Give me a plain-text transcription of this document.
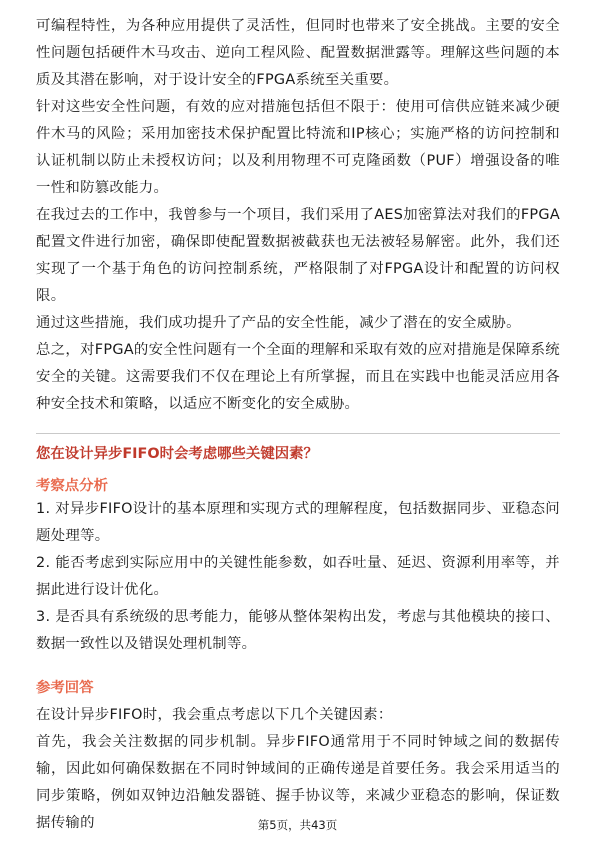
可编程特性，为各种应用提供了灵活性，但同时也带来了安全挑战。主要的安全性问题包括硬件木马攻击、逆向工程风险、配置数据泄露等。理解这些问题的本质及其潜在影响，对于设计安全的FPGA系统至关重要。

针对这些安全性问题，有效的应对措施包括但不限于：使用可信供应链来减少硬件木马的风险；采用加密技术保护配置比特流和IP核心；实施严格的访问控制和认证机制以防止未授权访问；以及利用物理不可克隆函数（PUF）增强设备的唯一性和防篡改能力。

在我过去的工作中，我曾参与一个项目，我们采用了AES加密算法对我们的FPGA配置文件进行加密，确保即使配置数据被截获也无法被轻易解密。此外，我们还实现了一个基于角色的访问控制系统，严格限制了对FPGA设计和配置的访问权限。

通过这些措施，我们成功提升了产品的安全性能，减少了潜在的安全威胁。

总之，对FPGA的安全性问题有一个全面的理解和采取有效的应对措施是保障系统安全的关键。这需要我们不仅在理论上有所掌握，而且在实践中也能灵活应用各种安全技术和策略，以适应不断变化的安全威胁。

您在设计异步FIFO时会考虑哪些关键因素？

考察点分析

1. 对异步FIFO设计的基本原理和实现方式的理解程度，包括数据同步、亚稳态问题处理等。

2. 能否考虑到实际应用中的关键性能参数，如吞吐量、延迟、资源利用率等，并据此进行设计优化。

3. 是否具有系统级的思考能力，能够从整体架构出发，考虑与其他模块的接口、数据一致性以及错误处理机制等。

参考回答

在设计异步FIFO时，我会重点考虑以下几个关键因素：

首先，我会关注数据的同步机制。异步FIFO通常用于不同时钟域之间的数据传输，因此如何确保数据在不同时钟域间的正确传递是首要任务。我会采用适当的同步策略，例如双钟边沿触发器链、握手协议等，来减少亚稳态的影响，保证数据传输的	第5页，共43页
